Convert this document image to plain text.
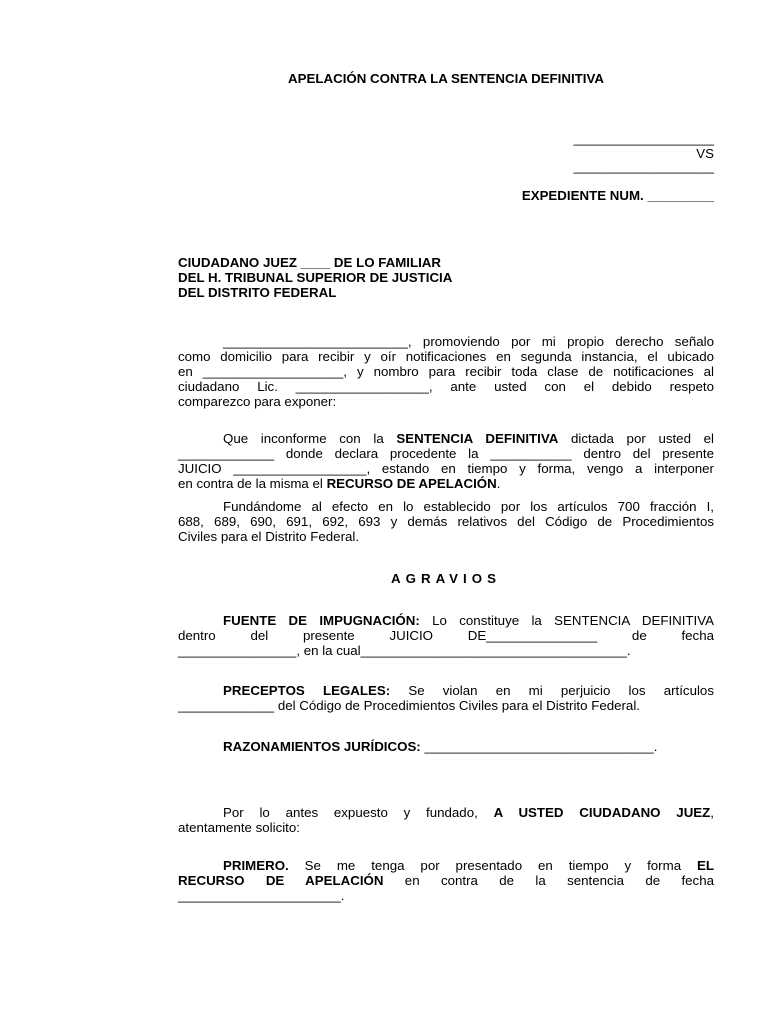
APELACIÓN CONTRA LA SENTENCIA DEFINITIVA
___________________
VS
___________________
EXPEDIENTE NUM. _________
CIUDADANO JUEZ ____ DE LO FAMILIAR
DEL H. TRIBUNAL SUPERIOR DE JUSTICIA
DEL DISTRITO FEDERAL
_________________________, promoviendo por mi propio derecho señalo
como domicilio para recibir y oír notificaciones en segunda instancia, el ubicado
en ___________________, y nombro para recibir toda clase de notificaciones al
ciudadano Lic. __________________, ante usted con el debido respeto
comparezco para exponer:
Que inconforme con la SENTENCIA DEFINITIVA dictada por usted el
_____________ donde declara procedente la ___________ dentro del presente
JUICIO __________________, estando en tiempo y forma, vengo a interponer
en contra de la misma el RECURSO DE APELACIÓN.
Fundándome al efecto en lo establecido por los artículos 700 fracción I,
688, 689, 690, 691, 692, 693 y demás relativos del Código de Procedimientos
Civiles para el Distrito Federal.
AGRAVIOS
FUENTE DE IMPUGNACIÓN: Lo constituye la SENTENCIA DEFINITIVA
dentro del presente JUICIO DE_______________ de fecha
________________, en la cual____________________________________.
PRECEPTOS LEGALES: Se violan en mi perjuicio los artículos
_____________ del Código de Procedimientos Civiles para el Distrito Federal.
RAZONAMIENTOS JURÍDICOS: _______________________________.
Por lo antes expuesto y fundado, A USTED CIUDADANO JUEZ,
atentamente solicito:
PRIMERO. Se me tenga por presentado en tiempo y forma EL
RECURSO DE APELACIÓN en contra de la sentencia de fecha
______________________.
